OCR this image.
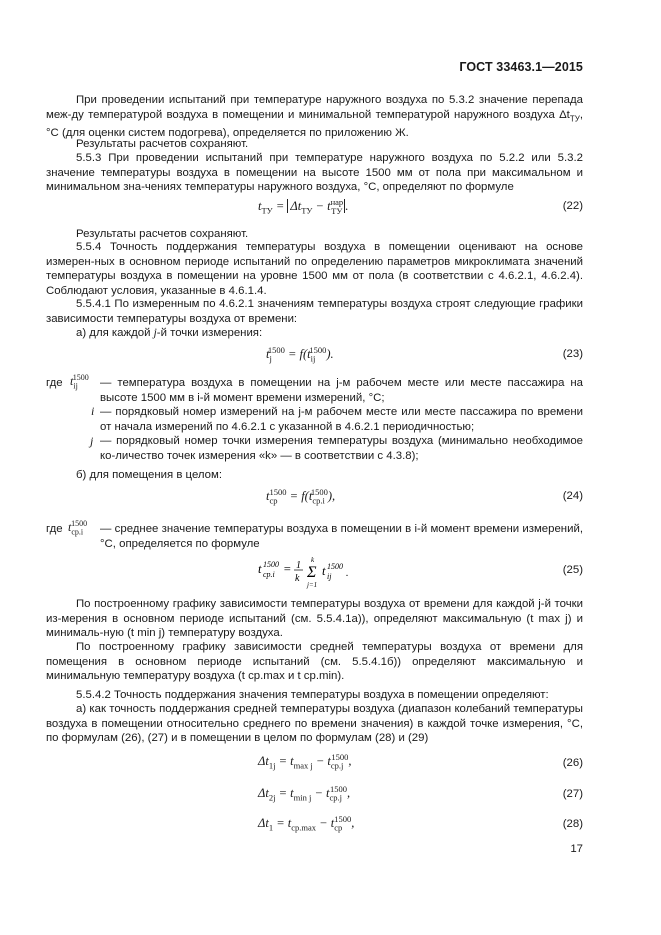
ГОСТ 33463.1—2015
При проведении испытаний при температуре наружного воздуха по 5.3.2 значение перепада меж-ду температурой воздуха в помещении и минимальной температурой наружного воздуха $\Delta t_{ТУ}$, °С (для оценки систем подогрева), определяется по приложению Ж.
Результаты расчетов сохраняют.
5.5.3 При проведении испытаний при температуре наружного воздуха по 5.2.2 или 5.3.2 значение температуры воздуха в помещении на высоте 1500 мм от пола при максимальном и минимальном зна-чениях температуры наружного воздуха, °С, определяют по формуле
$t_{ТУ} = \Delta t_{ТУ} - t^{нар}_{ТУ}$ .	(22)
Результаты расчетов сохраняют.
5.5.4 Точность поддержания температуры воздуха в помещении оценивают на основе измерен-ных в основном периоде испытаний по определению параметров микроклимата значений температуры воздуха в помещении на уровне 1500 мм от пола (в соответствии с 4.6.2.1, 4.6.2.4). Соблюдают условия, указанные в 4.6.1.4.
5.5.4.1 По измеренным по 4.6.2.1 значениям температуры воздуха строят следующие графики зависимости температуры воздуха от времени:
а) для каждой j-й точки измерения:
$t_j^{1500} = f(t_{ij}^{1500})$.	(23)
где $t_{ij}^{1500}$ — температура воздуха в помещении на j-м рабочем месте или месте пассажира на высоте 1500 мм в i-й момент времени измерений, °С;
i — порядковый номер измерений на j-м рабочем месте или месте пассажира по времени от начала измерений по 4.6.2.1 с указанной в 4.6.2.1 периодичностью;
j — порядковый номер точки измерения температуры воздуха (минимально необходимое ко-личество точек измерения «k» — в соответствии с 4.3.8);
б) для помещения в целом:
$t_{ср}^{1500} = f(t_{ср.i}^{1500})$,	(24)
где $t_{ср.i}^{1500}$ — среднее значение температуры воздуха в помещении в i-й момент времени измерений, °С, определяется по формуле
t ср.i
1500 = 1
k
k
Σ
j=1
t ij
1500
.	(25)
По построенному графику зависимости температуры воздуха от времени для каждой j-й точки из-мерения в основном периоде испытаний (см. 5.5.4.1а)), определяют максимальную (t max j) и минималь-ную (t min j) температуру воздуха.
По построенному графику зависимости средней температуры воздуха от времени для помещения в основном периоде испытаний (см. 5.5.4.1б)) определяют максимальную и минимальную температуру воздуха (t ср.max и t ср.min).
5.5.4.2 Точность поддержания значения температуры воздуха в помещении определяют:
а) как точность поддержания средней температуры воздуха (диапазон колебаний температуры воздуха в помещении относительно среднего по времени значения) в каждой точке измерения, °С, по формулам (26), (27) и в помещении в целом по формулам (28) и (29)
$\Delta t_{1j} = t_{max j} - t_{ср.j}^{1500}$,	(26)
$\Delta t_{2j} = t_{min j} - t_{ср.j}^{1500}$,	(27)
$\Delta t_1 = t_{ср.max} - t_{ср}^{1500}$,	(28)
17
